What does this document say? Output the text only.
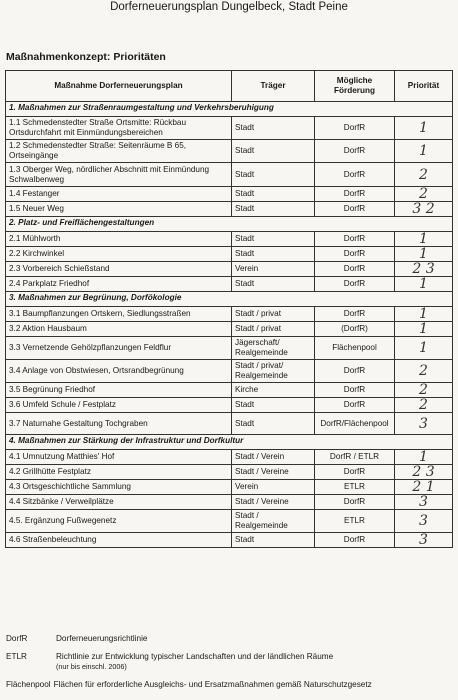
Dorferneuerungsplan Dungelbeck, Stadt Peine
Maßnahmenkonzept: Prioritäten
Maßnahme Dorferneuerungsplan	Träger	Mögliche Förderung	Priorität
1. Maßnahmen zur Straßenraumgestaltung und Verkehrsberuhigung			
1.1 Schmedenstedter Straße Ortsmitte: Rückbau Ortsdurchfahrt mit Einmündungsbereichen	Stadt	DorfR	1
1.2 Schmedenstedter Straße: Seitenräume B 65, Ortseingänge	Stadt	DorfR	1
1.3 Oberger Weg, nördlicher Abschnitt mit Einmündung Schwalbenweg	Stadt	DorfR	2
1.4 Festanger	Stadt	DorfR	2
1.5 Neuer Weg	Stadt	DorfR	3 2
2. Platz- und Freiflächengestaltungen			
2.1 Mühlworth	Stadt	DorfR	1
2.2 Kirchwinkel	Stadt	DorfR	1
2.3 Vorbereich Schießstand	Verein	DorfR	2 3
2.4 Parkplatz Friedhof	Stadt	DorfR	1
3. Maßnahmen zur Begrünung, Dorfökologie			
3.1 Baumpflanzungen Ortskern, Siedlungsstraßen	Stadt / privat	DorfR	1
3.2 Aktion Hausbaum	Stadt / privat	(DorfR)	1
3.3 Vernetzende Gehölzpflanzungen Feldflur	Jägerschaft/ Realgemeinde	Flächenpool	1
3.4 Anlage von Obstwiesen, Ortsrandbegrünung	Stadt / privat/ Realgemeinde	DorfR	2
3.5 Begrünung Friedhof	Kirche	DorfR	2
3.6 Umfeld Schule / Festplatz	Stadt	DorfR	2
3.7 Naturnahe Gestaltung Tochgraben	Stadt	DorfR/Flächenpool	3
4. Maßnahmen zur Stärkung der Infrastruktur und Dorfkultur			
4.1 Umnutzung Matthies' Hof	Stadt / Verein	DorfR / ETLR	1
4.2 Grillhütte Festplatz	Stadt / Vereine	DorfR	2 3
4.3 Ortsgeschichtliche Sammlung	Verein	ETLR	2 1
4.4 Sitzbänke / Verweilplätze	Stadt / Vereine	DorfR	3
4.5. Ergänzung Fußwegenetz	Stadt / Realgemeinde	ETLR	3
4.6 Straßenbeleuchtung	Stadt	DorfR	3
DorfR	Dorferneuerungsrichtlinie
ETLR	Richtlinie zur Entwicklung typischer Landschaften und der ländlichen Räume
(nur bis einschl. 2006)
Flächenpool Flächen für erforderliche Ausgleichs- und Ersatzmaßnahmen gemäß Naturschutzgesetz
